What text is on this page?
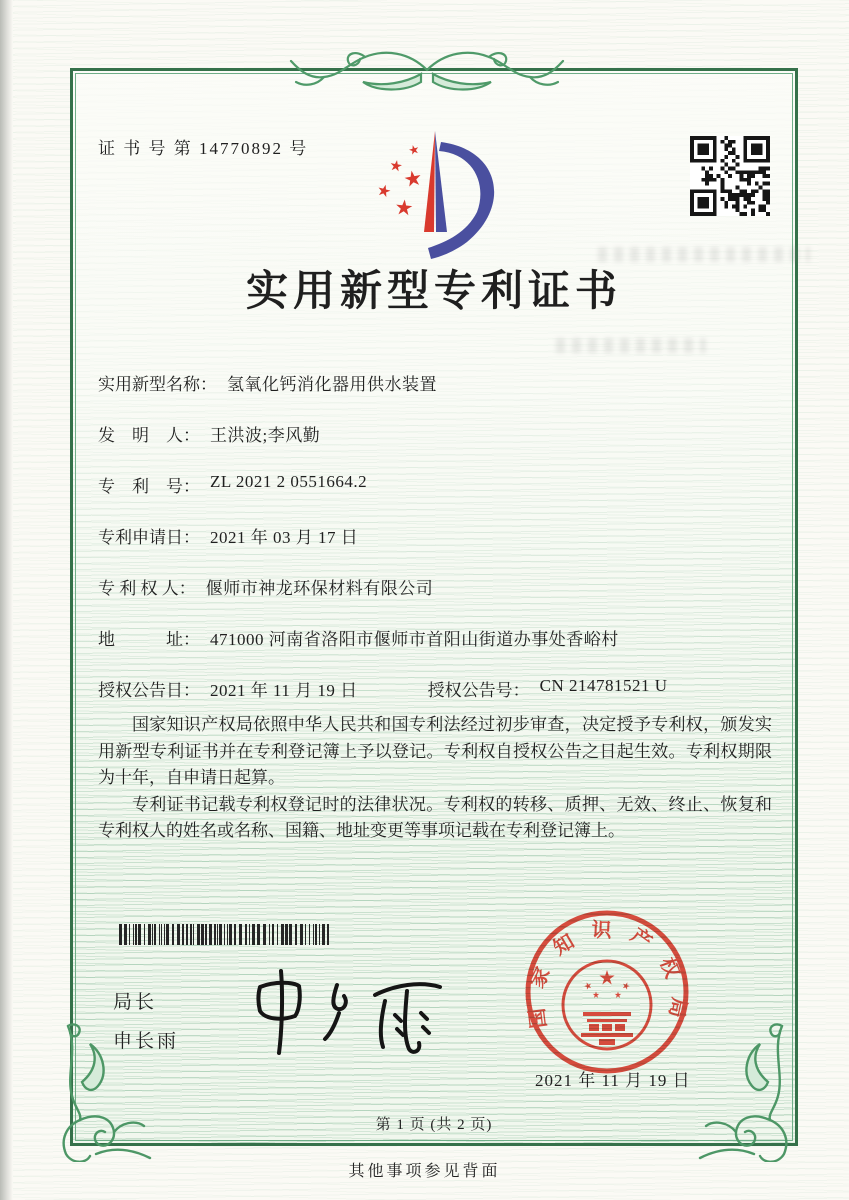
证 书 号 第 14770892 号
实用新型专利证书
实用新型名称： 氢氧化钙消化器用供水装置
发　明　人： 王洪波;李风勤
专　利　号： ZL 2021 2 0551664.2
专利申请日： 2021 年 03 月 17 日
专 利 权 人： 偃师市神龙环保材料有限公司
地　　　址： 471000 河南省洛阳市偃师市首阳山街道办事处香峪村
授权公告日： 2021 年 11 月 19 日	授权公告号： CN 214781521 U

国家知识产权局依照中华人民共和国专利法经过初步审查，决定授予专利权，颁发实用新型专利证书并在专利登记簿上予以登记。专利权自授权公告之日起生效。专利权期限为十年，自申请日起算。

专利证书记载专利权登记时的法律状况。专利权的转移、质押、无效、终止、恢复和专利权人的姓名或名称、国籍、地址变更等事项记载在专利登记簿上。

局长
申长雨
国家知识产权局
2021 年 11 月 19 日
第 1 页 (共 2 页)
其他事项参见背面
